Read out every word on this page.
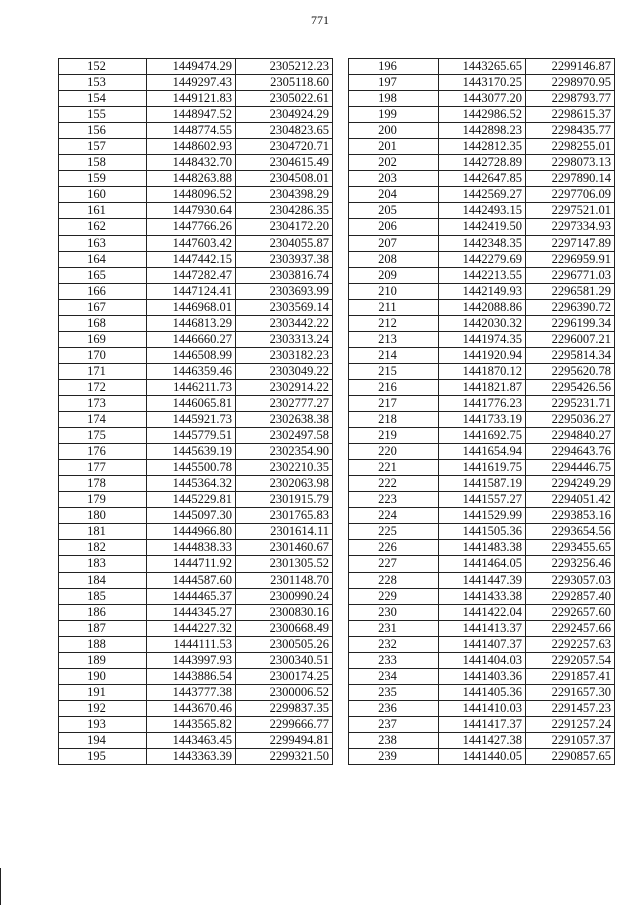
771
152	1449474.29	2305212.23
153	1449297.43	2305118.60
154	1449121.83	2305022.61
155	1448947.52	2304924.29
156	1448774.55	2304823.65
157	1448602.93	2304720.71
158	1448432.70	2304615.49
159	1448263.88	2304508.01
160	1448096.52	2304398.29
161	1447930.64	2304286.35
162	1447766.26	2304172.20
163	1447603.42	2304055.87
164	1447442.15	2303937.38
165	1447282.47	2303816.74
166	1447124.41	2303693.99
167	1446968.01	2303569.14
168	1446813.29	2303442.22
169	1446660.27	2303313.24
170	1446508.99	2303182.23
171	1446359.46	2303049.22
172	1446211.73	2302914.22
173	1446065.81	2302777.27
174	1445921.73	2302638.38
175	1445779.51	2302497.58
176	1445639.19	2302354.90
177	1445500.78	2302210.35
178	1445364.32	2302063.98
179	1445229.81	2301915.79
180	1445097.30	2301765.83
181	1444966.80	2301614.11
182	1444838.33	2301460.67
183	1444711.92	2301305.52
184	1444587.60	2301148.70
185	1444465.37	2300990.24
186	1444345.27	2300830.16
187	1444227.32	2300668.49
188	1444111.53	2300505.26
189	1443997.93	2300340.51
190	1443886.54	2300174.25
191	1443777.38	2300006.52
192	1443670.46	2299837.35
193	1443565.82	2299666.77
194	1443463.45	2299494.81
195	1443363.39	2299321.50
196	1443265.65	2299146.87
197	1443170.25	2298970.95
198	1443077.20	2298793.77
199	1442986.52	2298615.37
200	1442898.23	2298435.77
201	1442812.35	2298255.01
202	1442728.89	2298073.13
203	1442647.85	2297890.14
204	1442569.27	2297706.09
205	1442493.15	2297521.01
206	1442419.50	2297334.93
207	1442348.35	2297147.89
208	1442279.69	2296959.91
209	1442213.55	2296771.03
210	1442149.93	2296581.29
211	1442088.86	2296390.72
212	1442030.32	2296199.34
213	1441974.35	2296007.21
214	1441920.94	2295814.34
215	1441870.12	2295620.78
216	1441821.87	2295426.56
217	1441776.23	2295231.71
218	1441733.19	2295036.27
219	1441692.75	2294840.27
220	1441654.94	2294643.76
221	1441619.75	2294446.75
222	1441587.19	2294249.29
223	1441557.27	2294051.42
224	1441529.99	2293853.16
225	1441505.36	2293654.56
226	1441483.38	2293455.65
227	1441464.05	2293256.46
228	1441447.39	2293057.03
229	1441433.38	2292857.40
230	1441422.04	2292657.60
231	1441413.37	2292457.66
232	1441407.37	2292257.63
233	1441404.03	2292057.54
234	1441403.36	2291857.41
235	1441405.36	2291657.30
236	1441410.03	2291457.23
237	1441417.37	2291257.24
238	1441427.38	2291057.37
239	1441440.05	2290857.65
